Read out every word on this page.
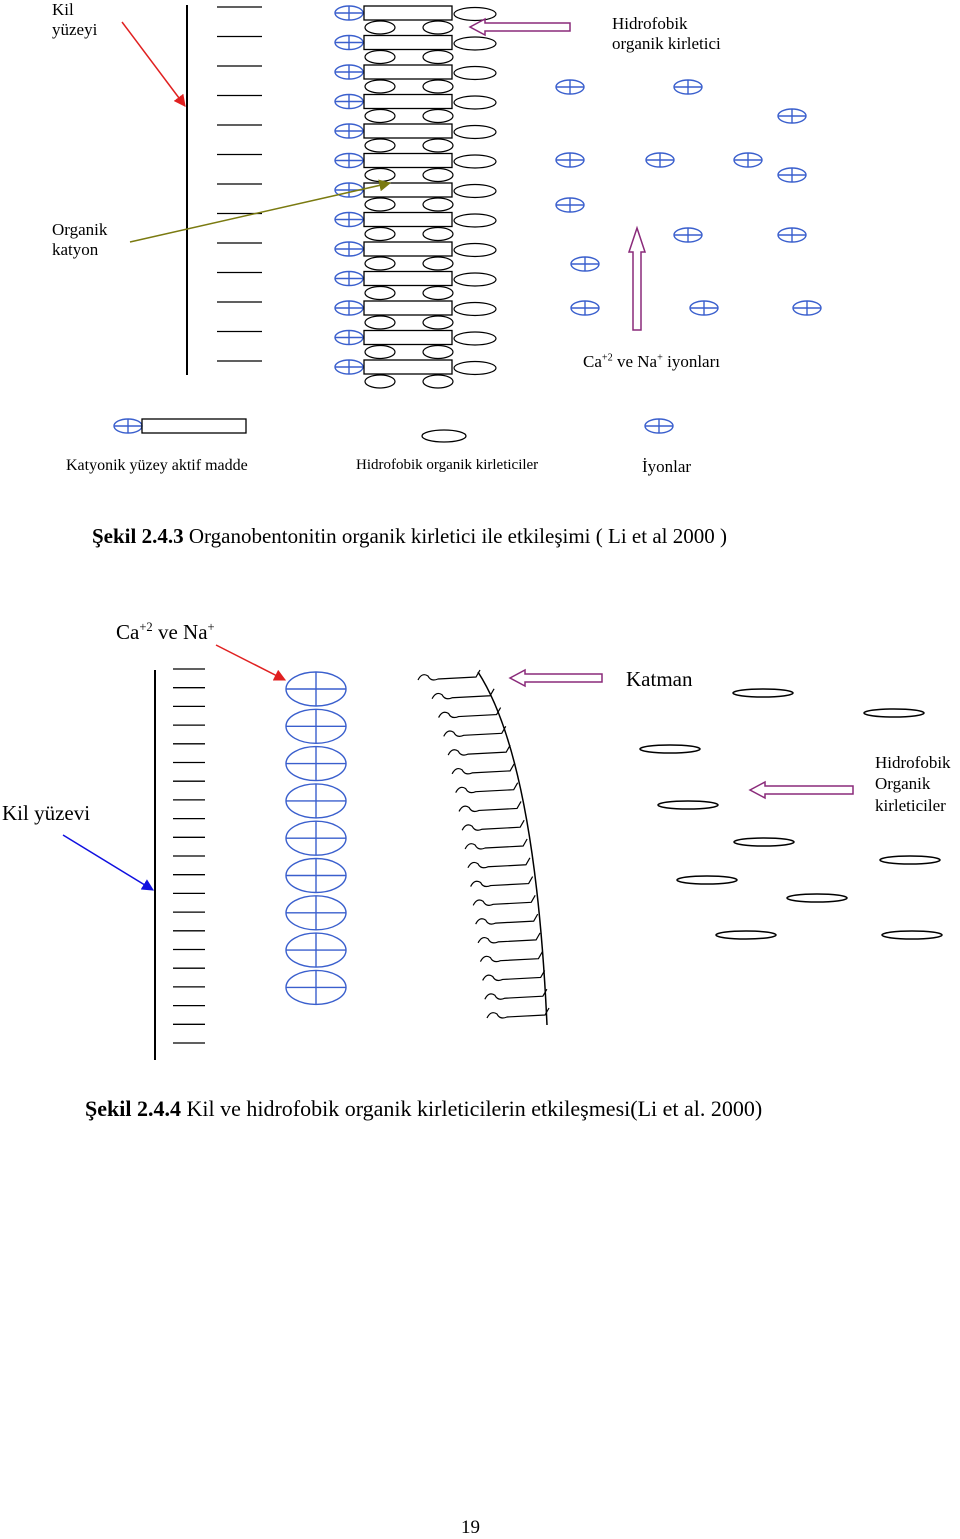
Kil
yüzeyi
Organik
katyon
Hidrofobik
organik kirletici
$Ca^{+2}$ ve Na+ iyonları
Katyonik yüzey aktif madde	Hidrofobik organik kirleticiler	İyonlar
Şekil 2.4.3 Organobentonitin organik kirletici ile etkileşimi ( Li et al 2000 )
$Ca^{+2}$ ve Na+
Katman
Kil yüzevi
Hidrofobik
Organik
kirleticiler
Şekil 2.4.4 Kil ve hidrofobik organik kirleticilerin etkileşmesi(Li et al. 2000)
19
